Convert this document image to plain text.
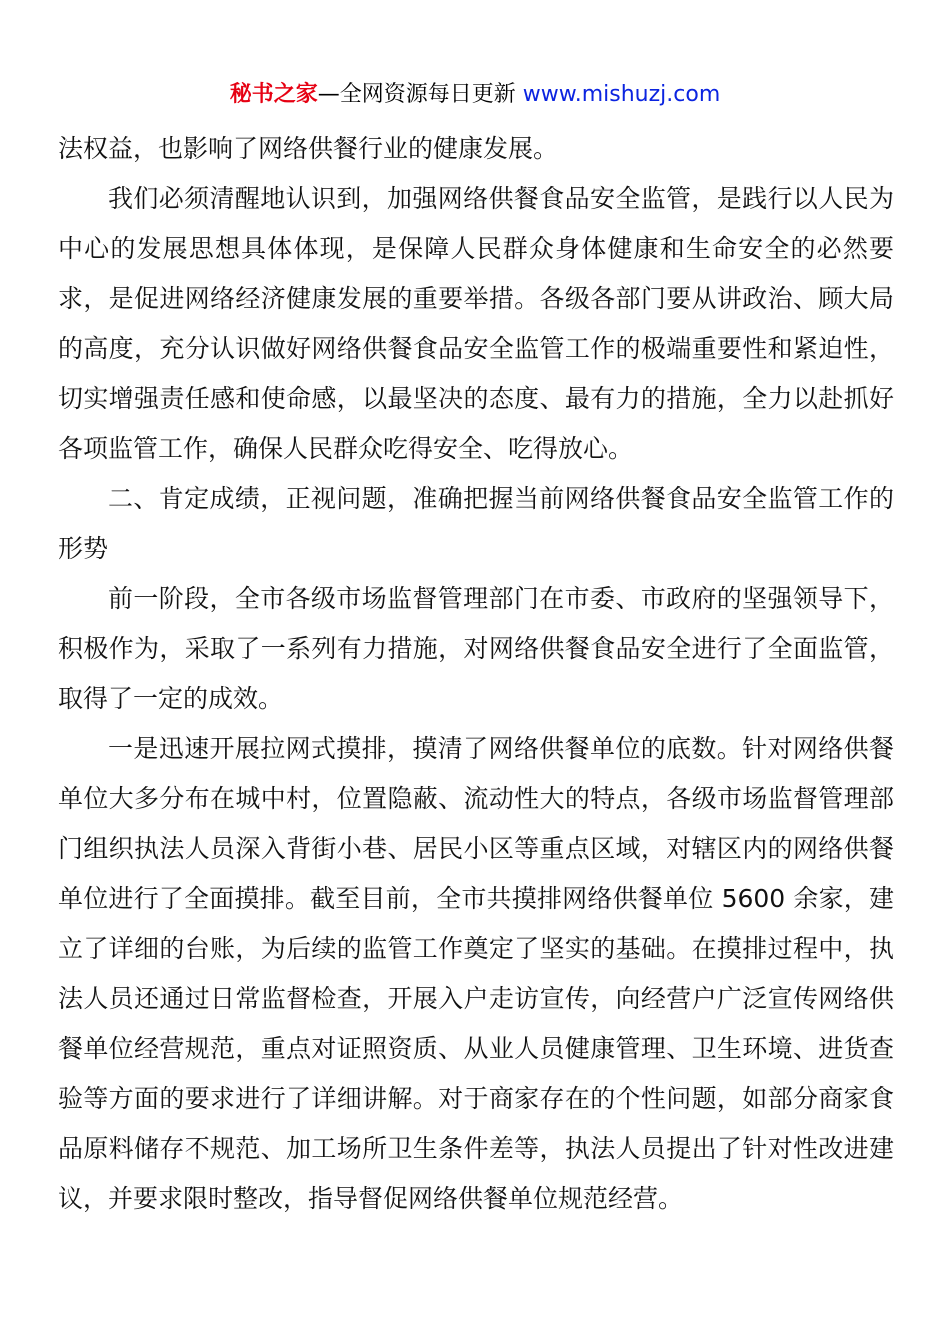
秘书之家—全网资源每日更新 www.mishuzj.com

法权益，也影响了网络供餐行业的健康发展。

我们必须清醒地认识到，加强网络供餐食品安全监管，是践行以人民为中心的发展思想具体体现，是保障人民群众身体健康和生命安全的必然要求，是促进网络经济健康发展的重要举措。各级各部门要从讲政治、顾大局的高度，充分认识做好网络供餐食品安全监管工作的极端重要性和紧迫性，切实增强责任感和使命感，以最坚决的态度、最有力的措施，全力以赴抓好各项监管工作，确保人民群众吃得安全、吃得放心。

二、肯定成绩，正视问题，准确把握当前网络供餐食品安全监管工作的形势

前一阶段，全市各级市场监督管理部门在市委、市政府的坚强领导下，积极作为，采取了一系列有力措施，对网络供餐食品安全进行了全面监管，取得了一定的成效。

一是迅速开展拉网式摸排，摸清了网络供餐单位的底数。针对网络供餐单位大多分布在城中村，位置隐蔽、流动性大的特点，各级市场监督管理部门组织执法人员深入背街小巷、居民小区等重点区域，对辖区内的网络供餐单位进行了全面摸排。截至目前，全市共摸排网络供餐单位 5600 余家，建立了详细的台账，为后续的监管工作奠定了坚实的基础。在摸排过程中，执法人员还通过日常监督检查，开展入户走访宣传，向经营户广泛宣传网络供餐单位经营规范，重点对证照资质、从业人员健康管理、卫生环境、进货查验等方面的要求进行了详细讲解。对于商家存在的个性问题，如部分商家食品原料储存不规范、加工场所卫生条件差等，执法人员提出了针对性改进建议，并要求限时整改，指导督促网络供餐单位规范经营。
